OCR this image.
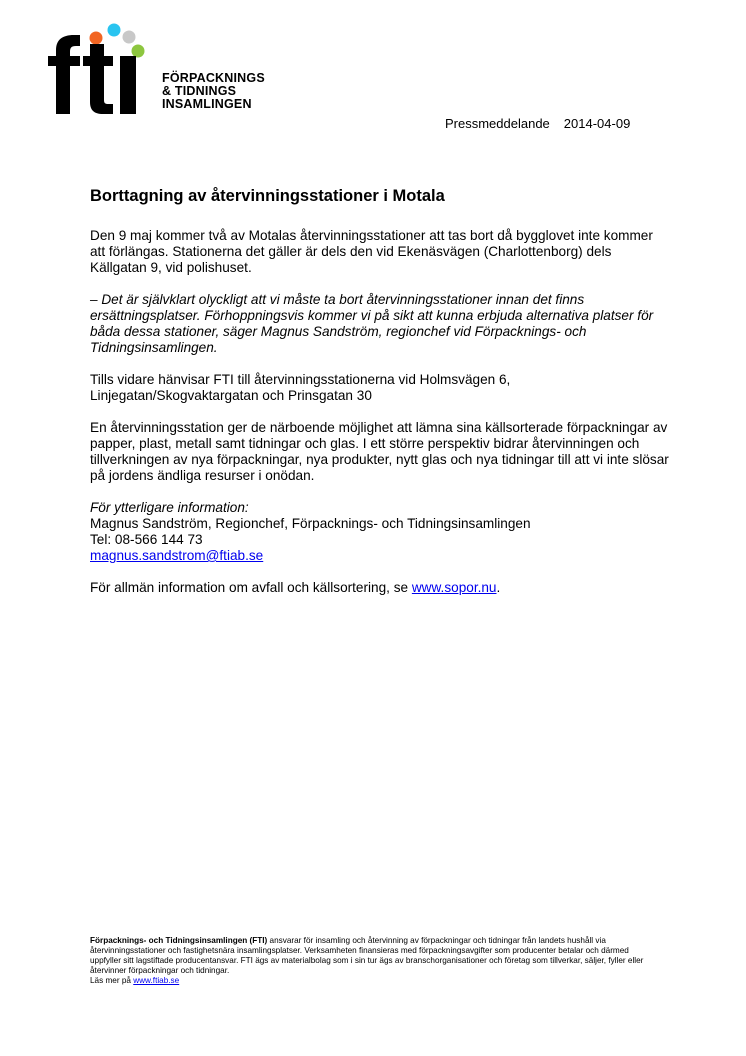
FÖRPACKNINGS
& TIDNINGS
INSAMLINGEN
Pressmeddelande 2014-04-09
Borttagning av återvinningsstationer i Motala

Den 9 maj kommer två av Motalas återvinningsstationer att tas bort då bygglovet inte kommer att förlängas. Stationerna det gäller är dels den vid Ekenäsvägen (Charlottenborg) dels Källgatan 9, vid polishuset.

– Det är självklart olyckligt att vi måste ta bort återvinningsstationer innan det finns ersättningsplatser. Förhoppningsvis kommer vi på sikt att kunna erbjuda alternativa platser för båda dessa stationer, säger Magnus Sandström, regionchef vid Förpacknings- och Tidningsinsamlingen.

Tills vidare hänvisar FTI till återvinningsstationerna vid Holmsvägen 6, Linjegatan/Skogvaktargatan och Prinsgatan 30

En återvinningsstation ger de närboende möjlighet att lämna sina källsorterade förpackningar av papper, plast, metall samt tidningar och glas. I ett större perspektiv bidrar återvinningen och tillverkningen av nya förpackningar, nya produkter, nytt glas och nya tidningar till att vi inte slösar på jordens ändliga resurser i onödan.

För ytterligare information:
Magnus Sandström, Regionchef, Förpacknings- och Tidningsinsamlingen
Tel: 08-566 144 73
magnus.sandstrom@ftiab.se

För allmän information om avfall och källsortering, se www.sopor.nu.

Förpacknings- och Tidningsinsamlingen (FTI) ansvarar för insamling och återvinning av förpackningar och tidningar från landets hushåll via återvinningsstationer och fastighetsnära insamlingsplatser. Verksamheten finansieras med förpackningsavgifter som producenter betalar och därmed uppfyller sitt lagstiftade producentansvar. FTI ägs av materialbolag som i sin tur ägs av branschorganisationer och företag som tillverkar, säljer, fyller eller återvinner förpackningar och tidningar.
Läs mer på www.ftiab.se
